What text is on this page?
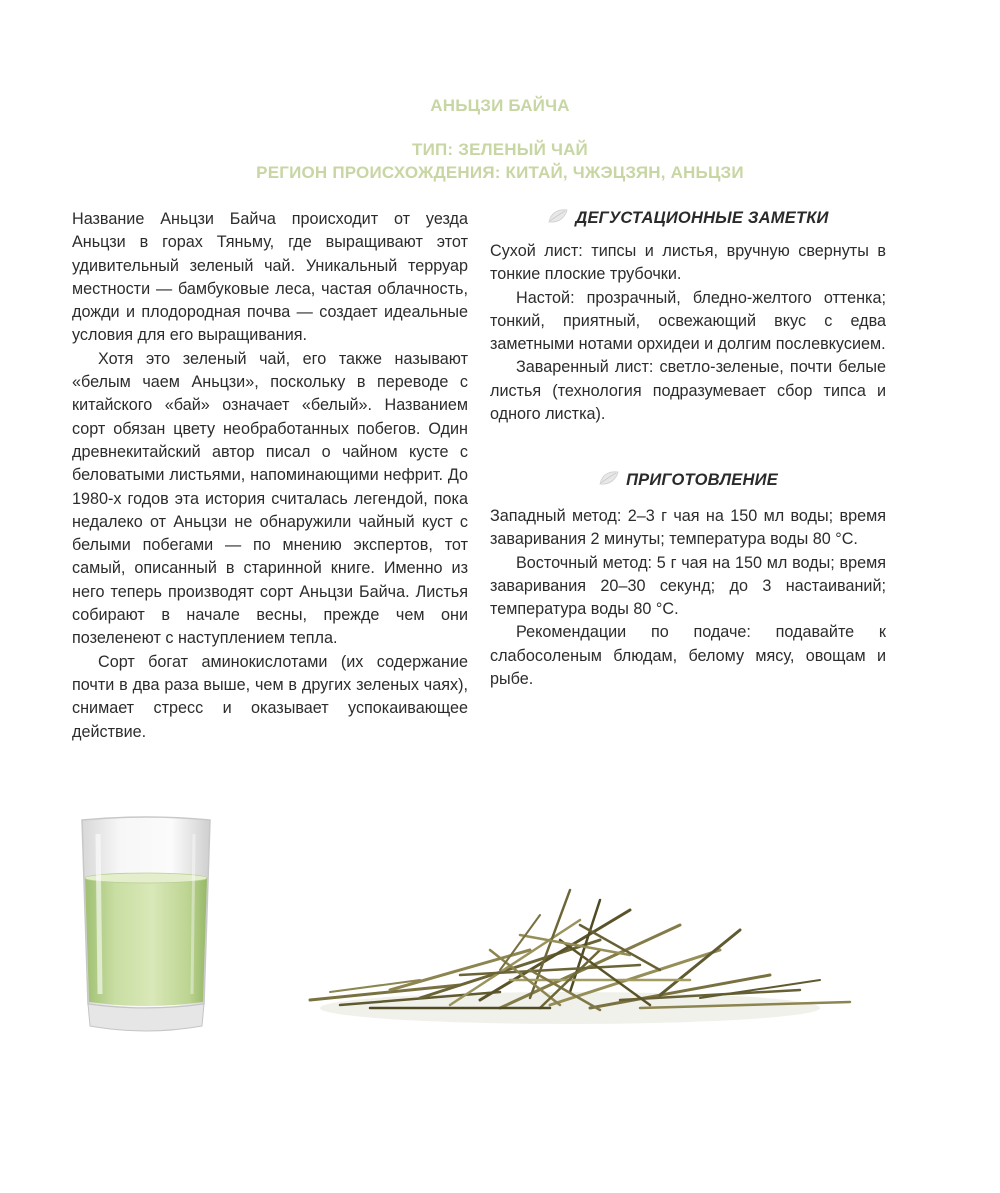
АНЬЦЗИ БАЙЧА
ТИП: ЗЕЛЕНЫЙ ЧАЙ
РЕГИОН ПРОИСХОЖДЕНИЯ: КИТАЙ, ЧЖЭЦЗЯН, АНЬЦЗИ

Название Аньцзи Байча происходит от уезда Аньцзи в горах Тяньму, где выращивают этот удивительный зеленый чай. Уникальный терруар местности — бамбуковые леса, частая облачность, дожди и плодородная почва — создает идеальные условия для его выращивания.

Хотя это зеленый чай, его также называют «белым чаем Аньцзи», поскольку в переводе с китайского «бай» означает «белый». Названием сорт обязан цвету необработанных побегов. Один древнекитайский автор писал о чайном кусте с беловатыми листьями, напоминающими нефрит. До 1980-х годов эта история считалась легендой, пока недалеко от Аньцзи не обнаружили чайный куст с белыми побегами — по мнению экспертов, тот самый, описанный в старинной книге. Именно из него теперь производят сорт Аньцзи Байча. Листья собирают в начале весны, прежде чем они позеленеют с наступлением тепла.

Сорт богат аминокислотами (их содержание почти в два раза выше, чем в других зеленых чаях), снимает стресс и оказывает успокаивающее действие.

ДЕГУСТАЦИОННЫЕ ЗАМЕТКИ

Сухой лист: типсы и листья, вручную свернуты в тонкие плоские трубочки.

Настой: прозрачный, бледно-желтого оттенка; тонкий, приятный, освежающий вкус с едва заметными нотами орхидеи и долгим послевкусием.

Заваренный лист: светло-зеленые, почти белые листья (технология подразумевает сбор типса и одного листка).

ПРИГОТОВЛЕНИЕ

Западный метод: 2–3 г чая на 150 мл воды; время заваривания 2 минуты; температура воды 80 °С.

Восточный метод: 5 г чая на 150 мл воды; время заваривания 20–30 секунд; до 3 настаиваний; температура воды 80 °С.

Рекомендации по подаче: подавайте к слабосоленым блюдам, белому мясу, овощам и рыбе.
